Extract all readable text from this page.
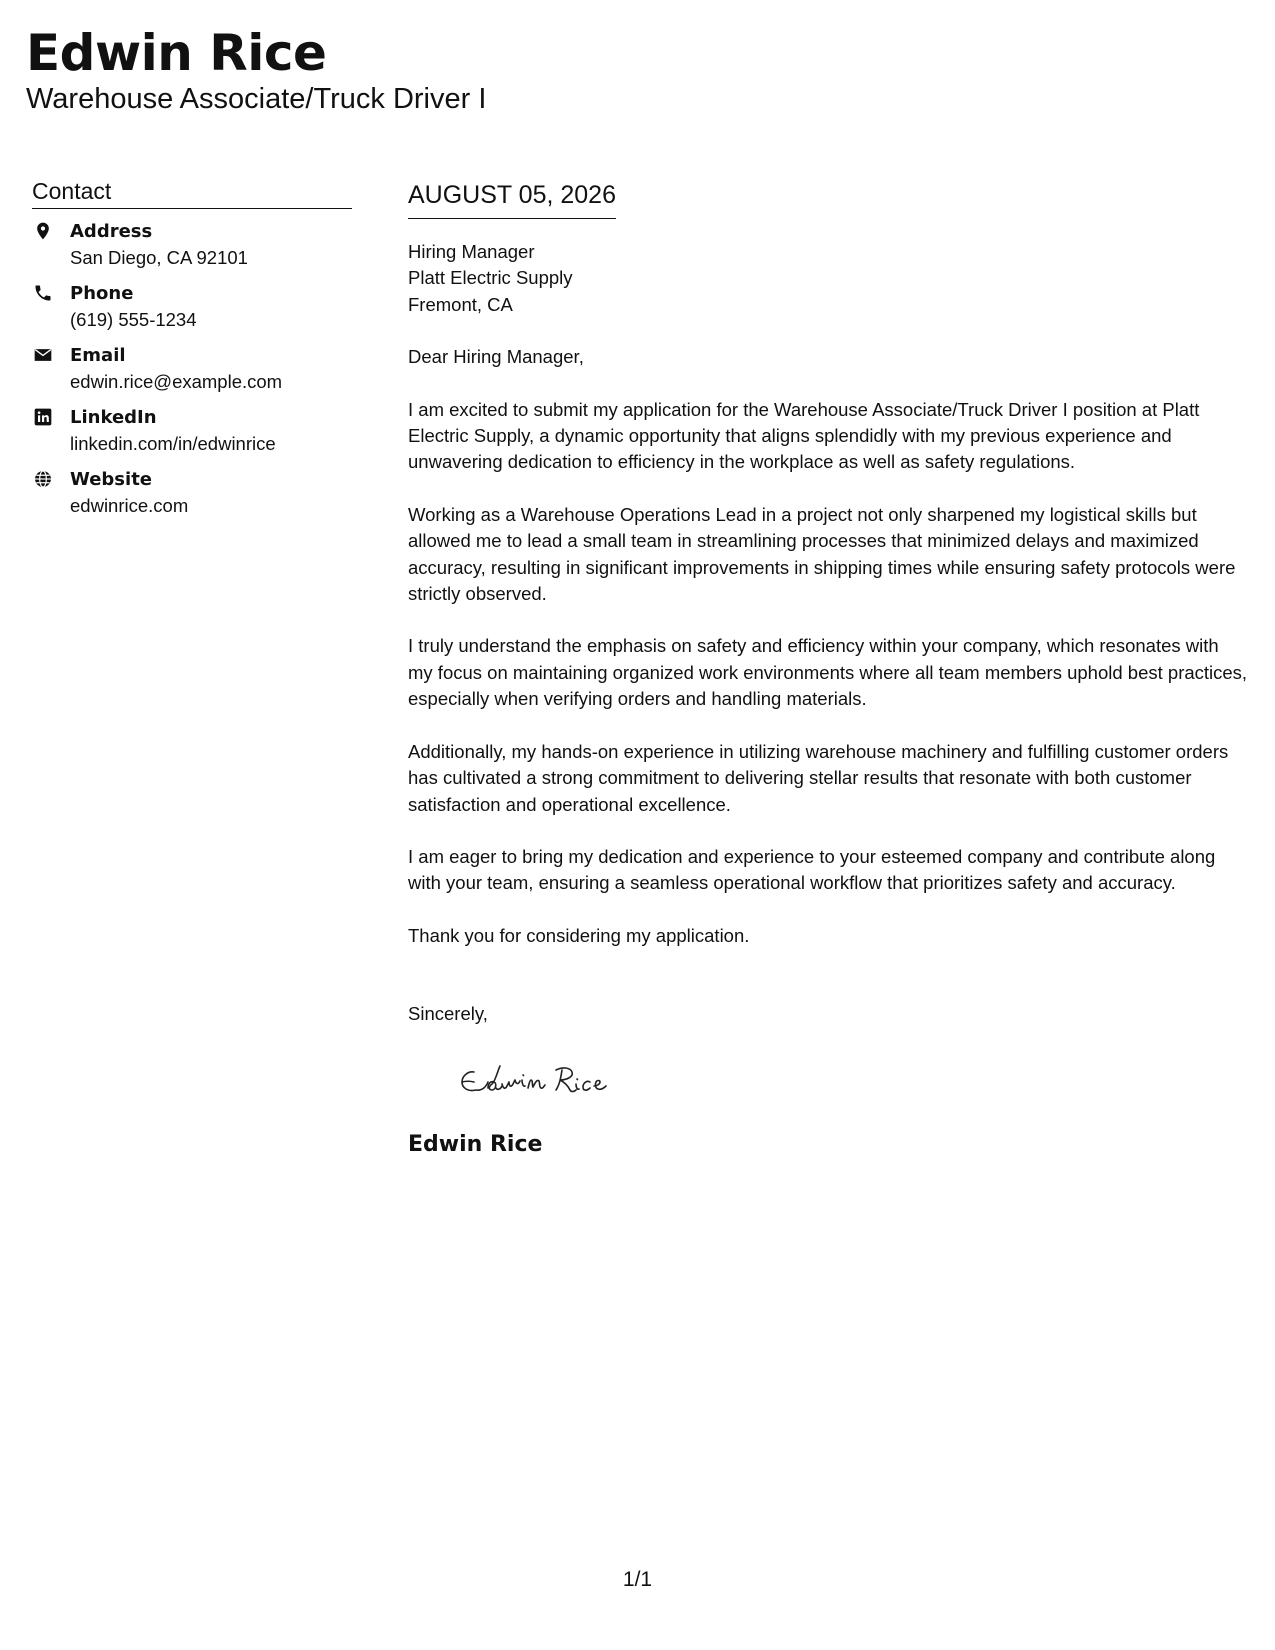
Edwin Rice
Warehouse Associate/Truck Driver I
Contact
Address
San Diego, CA 92101
Phone
(619) 555-1234
Email
edwin.rice@example.com
LinkedIn
linkedin.com/in/edwinrice
Website
edwinrice.com
AUGUST 05, 2026
Hiring Manager
Platt Electric Supply
Fremont, CA
Dear Hiring Manager,
I am excited to submit my application for the Warehouse Associate/Truck Driver I position at Platt Electric Supply, a dynamic opportunity that aligns splendidly with my previous experience and unwavering dedication to efficiency in the workplace as well as safety regulations.
Working as a Warehouse Operations Lead in a project not only sharpened my logistical skills but allowed me to lead a small team in streamlining processes that minimized delays and maximized accuracy, resulting in significant improvements in shipping times while ensuring safety protocols were strictly observed.
I truly understand the emphasis on safety and efficiency within your company, which resonates with my focus on maintaining organized work environments where all team members uphold best practices, especially when verifying orders and handling materials.
Additionally, my hands-on experience in utilizing warehouse machinery and fulfilling customer orders has cultivated a strong commitment to delivering stellar results that resonate with both customer satisfaction and operational excellence.
I am eager to bring my dedication and experience to your esteemed company and contribute along with your team, ensuring a seamless operational workflow that prioritizes safety and accuracy.
Thank you for considering my application.
Sincerely,
Edwin Rice
1/1
